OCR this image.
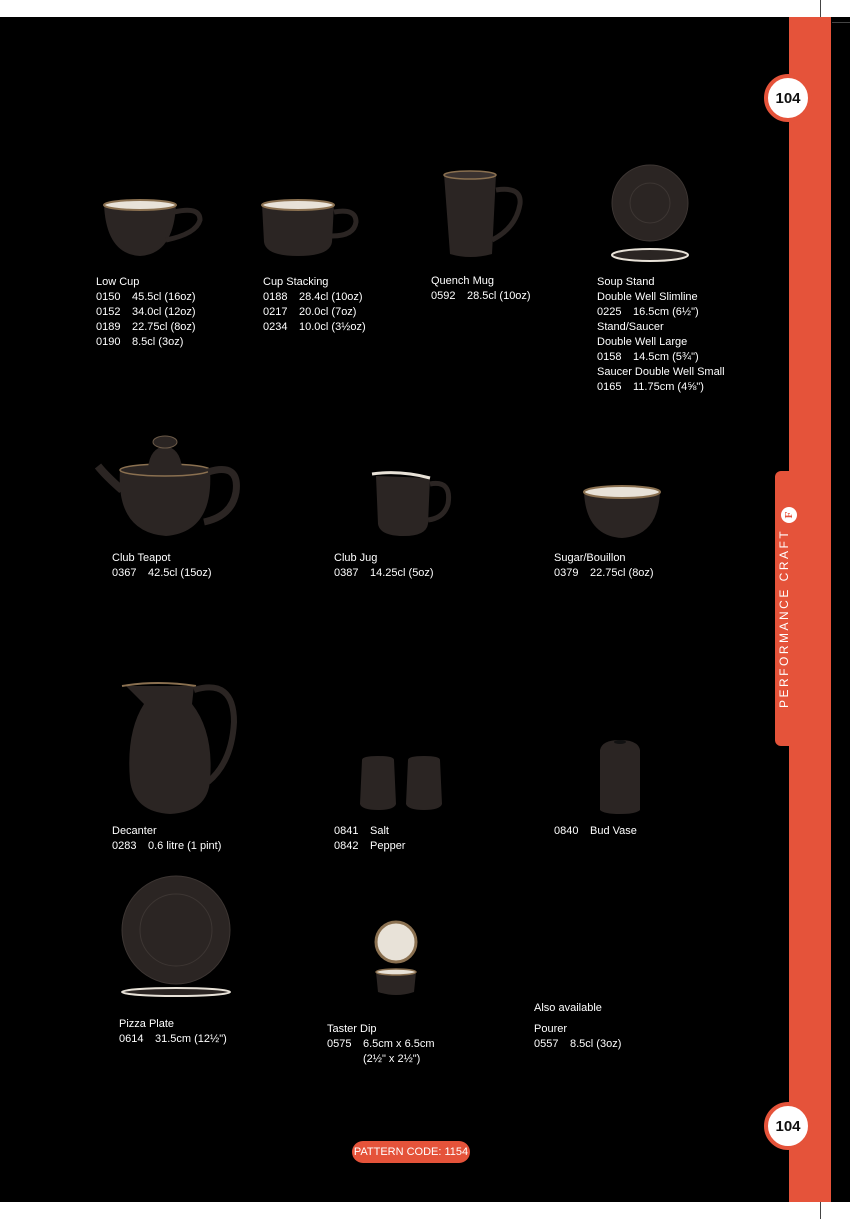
104
104
PERFORMANCE CRAFT
F
Low Cup
0150	45.5cl (16oz)
0152	34.0cl (12oz)
0189	22.75cl (8oz)
0190	8.5cl (3oz)
Cup Stacking
0188	28.4cl (10oz)
0217	20.0cl (7oz)
0234	10.0cl (3½oz)
Quench Mug
0592	28.5cl (10oz)
Soup Stand
Double Well Slimline
0225	16.5cm (6½")
Stand/Saucer
Double Well Large
0158	14.5cm (5¾")
Saucer Double Well Small
0165	11.75cm (4⅝")
Club Teapot
0367	42.5cl (15oz)
Club Jug
0387	14.25cl (5oz)
Sugar/Bouillon
0379	22.75cl (8oz)
Decanter
0283	0.6 litre (1 pint)
0841	Salt
0842	Pepper
0840	Bud Vase
Pizza Plate
0614	31.5cm (12½")
Taster Dip
0575	6.5cm x 6.5cm
(2½" x 2½")
Also available
Pourer
0557	8.5cl (3oz)
PATTERN CODE: 1154
